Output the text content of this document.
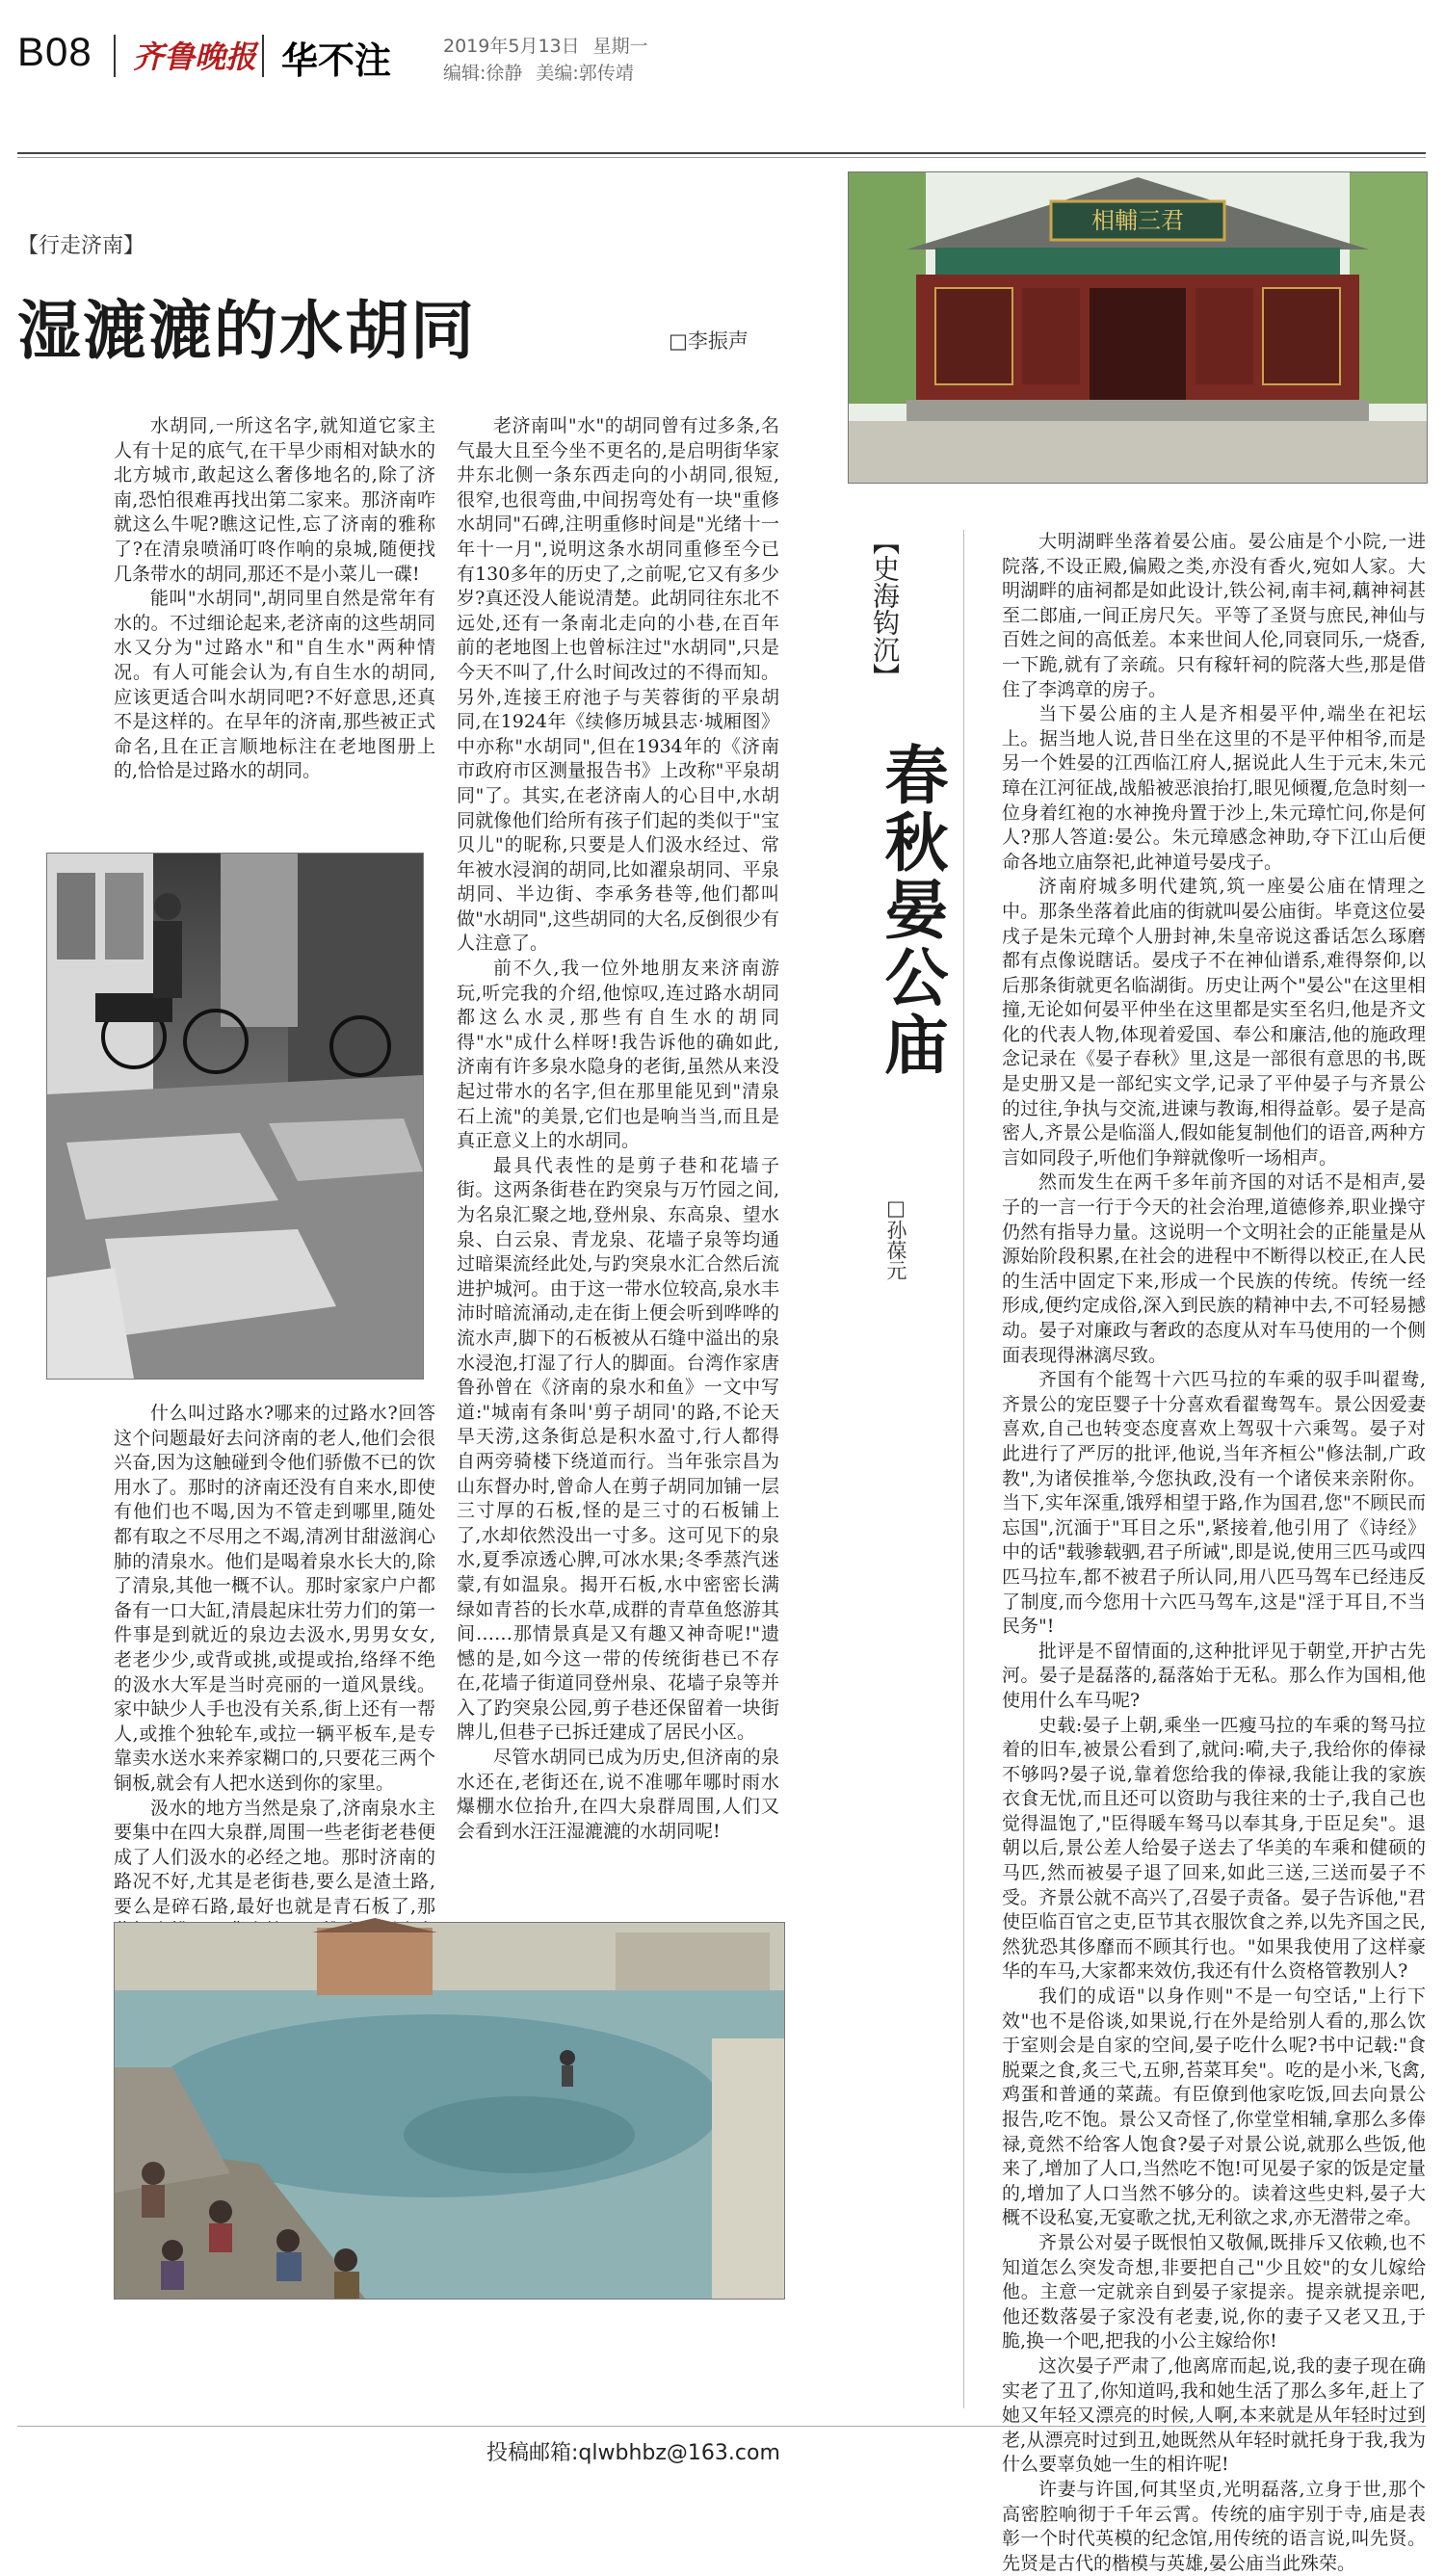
B08 齐鲁晚报 华不注	2019年5月13日 星期一
编辑:徐静 美编:郭传靖
【行走济南】
湿漉漉的水胡同	□李振声

水胡同,一所这名字,就知道它家主人有十足的底气,在干旱少雨相对缺水的北方城市,敢起这么奢侈地名的,除了济南,恐怕很难再找出第二家来。那济南咋就这么牛呢?瞧这记性,忘了济南的雅称了?在清泉喷涌叮咚作响的泉城,随便找几条带水的胡同,那还不是小菜儿一碟!

能叫"水胡同",胡同里自然是常年有水的。不过细论起来,老济南的这些胡同水又分为"过路水"和"自生水"两种情况。有人可能会认为,有自生水的胡同,应该更适合叫水胡同吧?不好意思,还真不是这样的。在早年的济南,那些被正式命名,且在正言顺地标注在老地图册上的,恰恰是过路水的胡同。

什么叫过路水?哪来的过路水?回答这个问题最好去问济南的老人,他们会很兴奋,因为这触碰到令他们骄傲不已的饮用水了。那时的济南还没有自来水,即使有他们也不喝,因为不管走到哪里,随处都有取之不尽用之不竭,清冽甘甜滋润心肺的清泉水。他们是喝着泉水长大的,除了清泉,其他一概不认。那时家家户户都备有一口大缸,清晨起床壮劳力们的第一件事是到就近的泉边去汲水,男男女女,老老少少,或背或挑,或提或抬,络绎不绝的汲水大军是当时亮丽的一道风景线。家中缺少人手也没有关系,街上还有一帮人,或推个独轮车,或拉一辆平板车,是专靠卖水送水来养家糊口的,只要花三两个铜板,就会有人把水送到你的家里。

汲水的地方当然是泉了,济南泉水主要集中在四大泉群,周围一些老街老巷便成了人们汲水的必经之地。那时济南的路况不好,尤其是老街巷,要么是渣土路,要么是碎石路,最好也就是青石板了,那

老济南叫"水"的胡同曾有过多条,名气最大且至今坐不更名的,是启明街华家井东北侧一条东西走向的小胡同,很短,很窄,也很弯曲,中间拐弯处有一块"重修水胡同"石碑,注明重修时间是"光绪十一年十一月",说明这条水胡同重修至今已有130多年的历史了,之前呢,它又有多少岁?真还没人能说清楚。此胡同往东北不远处,还有一条南北走向的小巷,在百年前的老地图上也曾标注过"水胡同",只是今天不叫了,什么时间改过的不得而知。另外,连接王府池子与芙蓉街的平泉胡同,在1924年《续修历城县志·城厢图》中亦称"水胡同",但在1934年的《济南市政府市区测量报告书》上改称"平泉胡同"了。其实,在老济南人的心目中,水胡同就像他们给所有孩子们起的类似于"宝贝儿"的昵称,只要是人们汲水经过、常年被水浸润的胡同,比如濯泉胡同、平泉胡同、半边街、李承务巷等,他们都叫做"水胡同",这些胡同的大名,反倒很少有人注意了。

前不久,我一位外地朋友来济南游玩,听完我的介绍,他惊叹,连过路水胡同都这么水灵,那些有自生水的胡同得"水"成什么样呀!我告诉他的确如此,济南有许多泉水隐身的老街,虽然从来没起过带水的名字,但在那里能见到"清泉石上流"的美景,它们也是响当当,而且是真正意义上的水胡同。

最具代表性的是剪子巷和花墙子街。这两条街巷在趵突泉与万竹园之间,为名泉汇聚之地,登州泉、东高泉、望水泉、白云泉、青龙泉、花墙子泉等均通过暗渠流经此处,与趵突泉水汇合然后流进护城河。由于这一带水位较高,泉水丰沛时暗流涌动,走在街上便会听到哗哗的流水声,脚下的石板被从石缝中溢出的泉水浸泡,打湿了行人的脚面。台湾作家唐鲁孙曾在《济南的泉水和鱼》一文中写道:"城南有条叫'剪子胡同'的路,不论天旱天涝,这条街总是积水盈寸,行人都得自两旁骑楼下绕道而行。当年张宗昌为山东督办时,曾命人在剪子胡同加铺一层三寸厚的石板,怪的是三寸的石板铺上了,水却依然没出一寸多。这可见下的泉水,夏季凉透心脾,可冰水果;冬季蒸汽迷蒙,有如温泉。揭开石板,水中密密长满绿如青苔的长水草,成群的青草鱼悠游其间……那情景真是又有趣又神奇呢!"遗憾的是,如今这一带的传统街巷已不存在,花墙子街道同登州泉、花墙子泉等并入了趵突泉公园,剪子巷还保留着一块街牌儿,但巷子已拆迁建成了居民小区。

尽管水胡同已成为历史,但济南的泉水还在,老街还在,说不准哪年哪时雨水爆棚水位抬升,在四大泉群周围,人们又会看到水汪汪湿漉漉的水胡同呢!

相輔三君
【史海钩沉】
春秋晏公庙
□孙葆元

大明湖畔坐落着晏公庙。晏公庙是个小院,一进院落,不设正殿,偏殿之类,亦没有香火,宛如人家。大明湖畔的庙祠都是如此设计,铁公祠,南丰祠,藕神祠甚至二郎庙,一间正房尺矢。平等了圣贤与庶民,神仙与百姓之间的高低差。本来世间人伦,同衰同乐,一烧香,一下跪,就有了亲疏。只有稼轩祠的院落大些,那是借住了李鸿章的房子。

当下晏公庙的主人是齐相晏平仲,端坐在祀坛上。据当地人说,昔日坐在这里的不是平仲相爷,而是另一个姓晏的江西临江府人,据说此人生于元末,朱元璋在江河征战,战船被恶浪抬打,眼见倾覆,危急时刻一位身着红袍的水神挽舟置于沙上,朱元璋忙问,你是何人?那人答道:晏公。朱元璋感念神助,夺下江山后便命各地立庙祭祀,此神道号晏戌子。

济南府城多明代建筑,筑一座晏公庙在情理之中。那条坐落着此庙的街就叫晏公庙街。毕竟这位晏戌子是朱元璋个人册封神,朱皇帝说这番话怎么琢磨都有点像说瞎话。晏戌子不在神仙谱系,难得祭仰,以后那条街就更名临湖街。历史让两个"晏公"在这里相撞,无论如何晏平仲坐在这里都是实至名归,他是齐文化的代表人物,体现着爱国、奉公和廉洁,他的施政理念记录在《晏子春秋》里,这是一部很有意思的书,既是史册又是一部纪实文学,记录了平仲晏子与齐景公的过往,争执与交流,进谏与教诲,相得益彰。晏子是高密人,齐景公是临淄人,假如能复制他们的语音,两种方言如同段子,听他们争辩就像听一场相声。

然而发生在两千多年前齐国的对话不是相声,晏子的一言一行于今天的社会治理,道德修养,职业操守仍然有指导力量。这说明一个文明社会的正能量是从源始阶段积累,在社会的进程中不断得以校正,在人民的生活中固定下来,形成一个民族的传统。传统一经形成,便约定成俗,深入到民族的精神中去,不可轻易撼动。晏子对廉政与奢政的态度从对车马使用的一个侧面表现得淋漓尽致。

齐国有个能驾十六匹马拉的车乘的驭手叫翟鸯,齐景公的宠臣婴子十分喜欢看翟鸯驾车。景公因爱妻喜欢,自己也转变态度喜欢上驾驭十六乘驾。晏子对此进行了严厉的批评,他说,当年齐桓公"修法制,广政教",为诸侯推举,今您执政,没有一个诸侯来亲附你。当下,实年深重,饿殍相望于路,作为国君,您"不顾民而忘国",沉湎于"耳目之乐",紧接着,他引用了《诗经》中的话"载骖载驷,君子所诫",即是说,使用三匹马或四匹马拉车,都不被君子所认同,用八匹马驾车已经违反了制度,而今您用十六匹马驾车,这是"淫于耳目,不当民务"!

批评是不留情面的,这种批评见于朝堂,开护古先河。晏子是磊落的,磊落始于无私。那么作为国相,他使用什么车马呢?

史载:晏子上朝,乘坐一匹瘦马拉的车乘的驽马拉着的旧车,被景公看到了,就问:嗬,夫子,我给你的俸禄不够吗?晏子说,靠着您给我的俸禄,我能让我的家族衣食无忧,而且还可以资助与我往来的士子,我自己也觉得温饱了,"臣得暖车驽马以奉其身,于臣足矣"。退朝以后,景公差人给晏子送去了华美的车乘和健硕的马匹,然而被晏子退了回来,如此三送,三送而晏子不受。齐景公就不高兴了,召晏子责备。晏子告诉他,"君使臣临百官之吏,臣节其衣服饮食之养,以先齐国之民,然犹恐其侈靡而不顾其行也。"如果我使用了这样豪华的车马,大家都来效仿,我还有什么资格管教别人?

我们的成语"以身作则"不是一句空话,"上行下效"也不是俗谈,如果说,行在外是给别人看的,那么饮于室则会是自家的空间,晏子吃什么呢?书中记载:"食脱粟之食,炙三弋,五卵,苔菜耳矣"。吃的是小米,飞禽,鸡蛋和普通的菜蔬。有臣僚到他家吃饭,回去向景公报告,吃不饱。景公又奇怪了,你堂堂相辅,拿那么多俸禄,竟然不给客人饱食?晏子对景公说,就那么些饭,他来了,增加了人口,当然吃不饱!可见晏子家的饭是定量的,增加了人口当然不够分的。读着这些史料,晏子大概不设私宴,无宴歌之扰,无利欲之求,亦无潜带之牵。

齐景公对晏子既恨怕又敬佩,既排斥又依赖,也不知道怎么突发奇想,非要把自己"少且姣"的女儿嫁给他。主意一定就亲自到晏子家提亲。提亲就提亲吧,他还数落晏子家没有老妻,说,你的妻子又老又丑,于脆,换一个吧,把我的小公主嫁给你!

这次晏子严肃了,他离席而起,说,我的妻子现在确实老了丑了,你知道吗,我和她生活了那么多年,赶上了她又年轻又漂亮的时候,人啊,本来就是从年轻时过到老,从漂亮时过到丑,她既然从年轻时就托身于我,我为什么要辜负她一生的相许呢!

许妻与许国,何其坚贞,光明磊落,立身于世,那个高密腔响彻于千年云霄。传统的庙宇别于寺,庙是表彰一个时代英模的纪念馆,用传统的语言说,叫先贤。先贤是古代的楷模与英雄,晏公庙当此殊荣。

投稿邮箱:qlwbhbz@163.com
